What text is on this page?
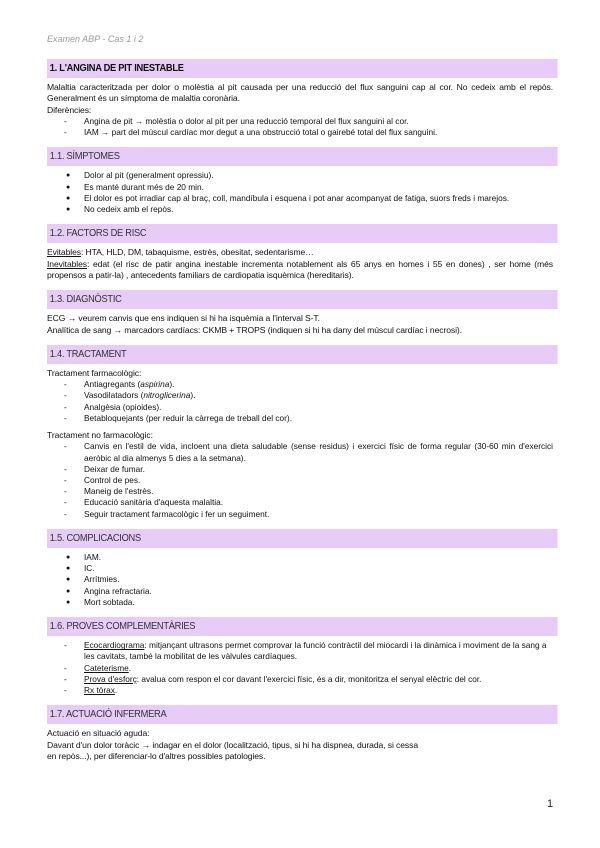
Examen ABP - Cas 1 i 2
1. L'ANGINA DE PIT INESTABLE
Malaltia caracteritzada per dolor o molèstia al pit causada per una reducció del flux sanguini cap al cor. No cedeix amb el repòs. Generalment és un símptoma de malaltia coronària.
Diferències:
- Angina de pit → molèstia o dolor al pit per una reducció temporal del flux sanguini al cor.
- IAM → part del múscul cardíac mor degut a una obstrucció total o gairebé total del flux sanguini.
1.1. SÍMPTOMES
● Dolor al pit (generalment opressiu).
● Es manté durant més de 20 min.
● El dolor es pot irradiar cap al braç, coll, mandíbula i esquena i pot anar acompanyat de fatiga, suors freds i marejos.
● No cedeix amb el repòs.
1.2. FACTORS DE RISC
Evitables: HTA, HLD, DM, tabaquisme, estrès, obesitat, sedentarisme…
Inevitables: edat (el risc de patir angina inestable incrementa notablement als 65 anys en homes i 55 en dones) , ser home (més propensos a patir-la) , antecedents familiars de cardiopatia isquèmica (hereditaris).
1.3. DIAGNÒSTIC
ECG → veurem canvis que ens indiquen si hi ha isquèmia a l'interval S-T.
Analítica de sang → marcadors cardíacs: CKMB + TROPS (indiquen si hi ha dany del múscul cardíac i necrosi).
1.4. TRACTAMENT
Tractament farmacològic:
- Antiagregants (aspirina).
- Vasodilatadors (nitroglicerina).
- Analgèsia (opioides).
- Betabloquejants (per reduir la càrrega de treball del cor).
Tractament no farmacològic:
- Canvis en l'estil de vida, incloent una dieta saludable (sense residus) i exercici físic de forma regular (30-60 min d'exercici aeròbic al dia almenys 5 dies a la setmana).
- Deixar de fumar.
- Control de pes.
- Maneig de l'estrès.
- Educació sanitària d'aquesta malaltia.
- Seguir tractament farmacològic i fer un seguiment.
1.5. COMPLICACIONS
● IAM.
● IC.
● Arrítmies.
● Angina refractaria.
● Mort sobtada.
1.6. PROVES COMPLEMENTÀRIES
- Ecocardiograma: mitjançant ultrasons permet comprovar la funció contràctil del miocardi i la dinàmica i moviment de la sang a les cavitats, també la mobilitat de les vàlvules cardíaques.
- Cateterisme.
- Prova d'esforç: avalua com respon el cor davant l'exercici físic, és a dir, monitoritza el senyal elèctric del cor.
- Rx tòrax.
1.7. ACTUACIÓ INFERMERA
Actuació en situació aguda:
Davant d'un dolor toràcic → indagar en el dolor (localització, tipus, si hi ha dispnea, durada, si cessa
en repòs...), per diferenciar-lo d'altres possibles patologies.
1
